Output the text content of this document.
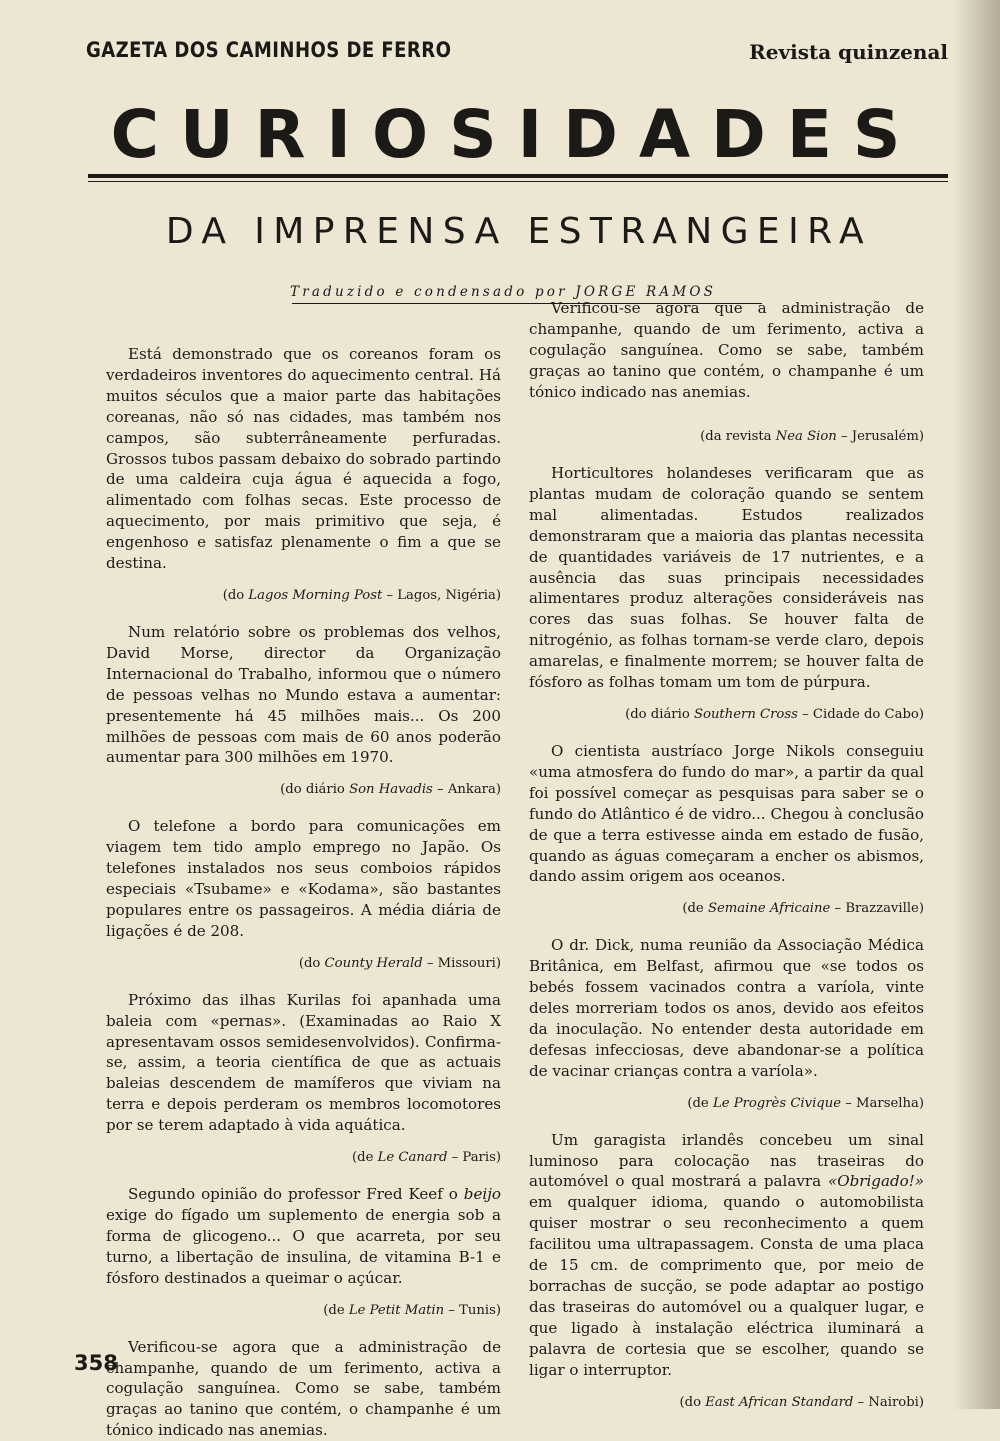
GAZETA DOS CAMINHOS DE FERRO	Revista quinzenal
CURIOSIDADES
DA IMPRENSA ESTRANGEIRA
Traduzido e condensado por JORGE RAMOS

Está demonstrado que os coreanos foram os verdadeiros inventores do aquecimento central. Há muitos séculos que a maior parte das habitações coreanas, não só nas cidades, mas também nos campos, são subterrâneamente perfuradas. Grossos tubos passam debaixo do sobrado partindo de uma caldeira cuja água é aquecida a fogo, alimentado com folhas secas. Este processo de aquecimento, por mais primitivo que seja, é engenhoso e satisfaz plenamente o fim a que se destina.

(do Lagos Morning Post – Lagos, Nigéria)

Num relatório sobre os problemas dos velhos, David Morse, director da Organização Internacional do Trabalho, informou que o número de pessoas velhas no Mundo estava a aumentar: presentemente há 45 milhões mais... Os 200 milhões de pessoas com mais de 60 anos poderão aumentar para 300 milhões em 1970.

(do diário Son Havadis – Ankara)

O telefone a bordo para comunicações em viagem tem tido amplo emprego no Japão. Os telefones instalados nos seus comboios rápidos especiais «Tsubame» e «Kodama», são bastantes populares entre os passageiros. A média diária de ligações é de 208.

(do County Herald – Missouri)

Próximo das ilhas Kurilas foi apanhada uma baleia com «pernas». (Examinadas ao Raio X apresentavam ossos semidesenvolvidos). Confirma-se, assim, a teoria científica de que as actuais baleias descendem de mamíferos que viviam na terra e depois perderam os membros locomotores por se terem adaptado à vida aquática.

(de Le Canard – Paris)

Segundo opinião do professor Fred Keef o beijo exige do fígado um suplemento de energia sob a forma de glicogeno... O que acarreta, por seu turno, a libertação de insulina, de vitamina B-1 e fósforo destinados a queimar o açúcar.

(de Le Petit Matin – Tunis)

Verificou-se agora que a administração de champanhe, quando de um ferimento, activa a cogulação sanguínea. Como se sabe, também graças ao tanino que contém, o champanhe é um tónico indicado nas anemias.

Verificou-se agora que a administração de champanhe, quando de um ferimento, activa a cogulação sanguínea. Como se sabe, também graças ao tanino que contém, o champanhe é um tónico indicado nas anemias.

(da revista Nea Sion – Jerusalém)

Horticultores holandeses verificaram que as plantas mudam de coloração quando se sentem mal alimentadas. Estudos realizados demonstraram que a maioria das plantas necessita de quantidades variáveis de 17 nutrientes, e a ausência das suas principais necessidades alimentares produz alterações consideráveis nas cores das suas folhas. Se houver falta de nitrogénio, as folhas tornam-se verde claro, depois amarelas, e finalmente morrem; se houver falta de fósforo as folhas tomam um tom de púrpura.

(do diário Southern Cross – Cidade do Cabo)

O cientista austríaco Jorge Nikols conseguiu «uma atmosfera do fundo do mar», a partir da qual foi possível começar as pesquisas para saber se o fundo do Atlântico é de vidro... Chegou à conclusão de que a terra estivesse ainda em estado de fusão, quando as águas começaram a encher os abismos, dando assim origem aos oceanos.

(de Semaine Africaine – Brazzaville)

O dr. Dick, numa reunião da Associação Médica Britânica, em Belfast, afirmou que «se todos os bebés fossem vacinados contra a varíola, vinte deles morreriam todos os anos, devido aos efeitos da inoculação. No entender desta autoridade em defesas infecciosas, deve abandonar-se a política de vacinar crianças contra a varíola».

(de Le Progrès Civique – Marselha)

Um garagista irlandês concebeu um sinal luminoso para colocação nas traseiras do automóvel o qual mostrará a palavra «Obrigado!» em qualquer idioma, quando o automobilista quiser mostrar o seu reconhecimento a quem facilitou uma ultrapassagem. Consta de uma placa de 15 cm. de comprimento que, por meio de borrachas de sucção, se pode adaptar ao postigo das traseiras do automóvel ou a qualquer lugar, e que ligado à instalação eléctrica iluminará a palavra de cortesia que se escolher, quando se ligar o interruptor.

(do East African Standard – Nairobi)

358
